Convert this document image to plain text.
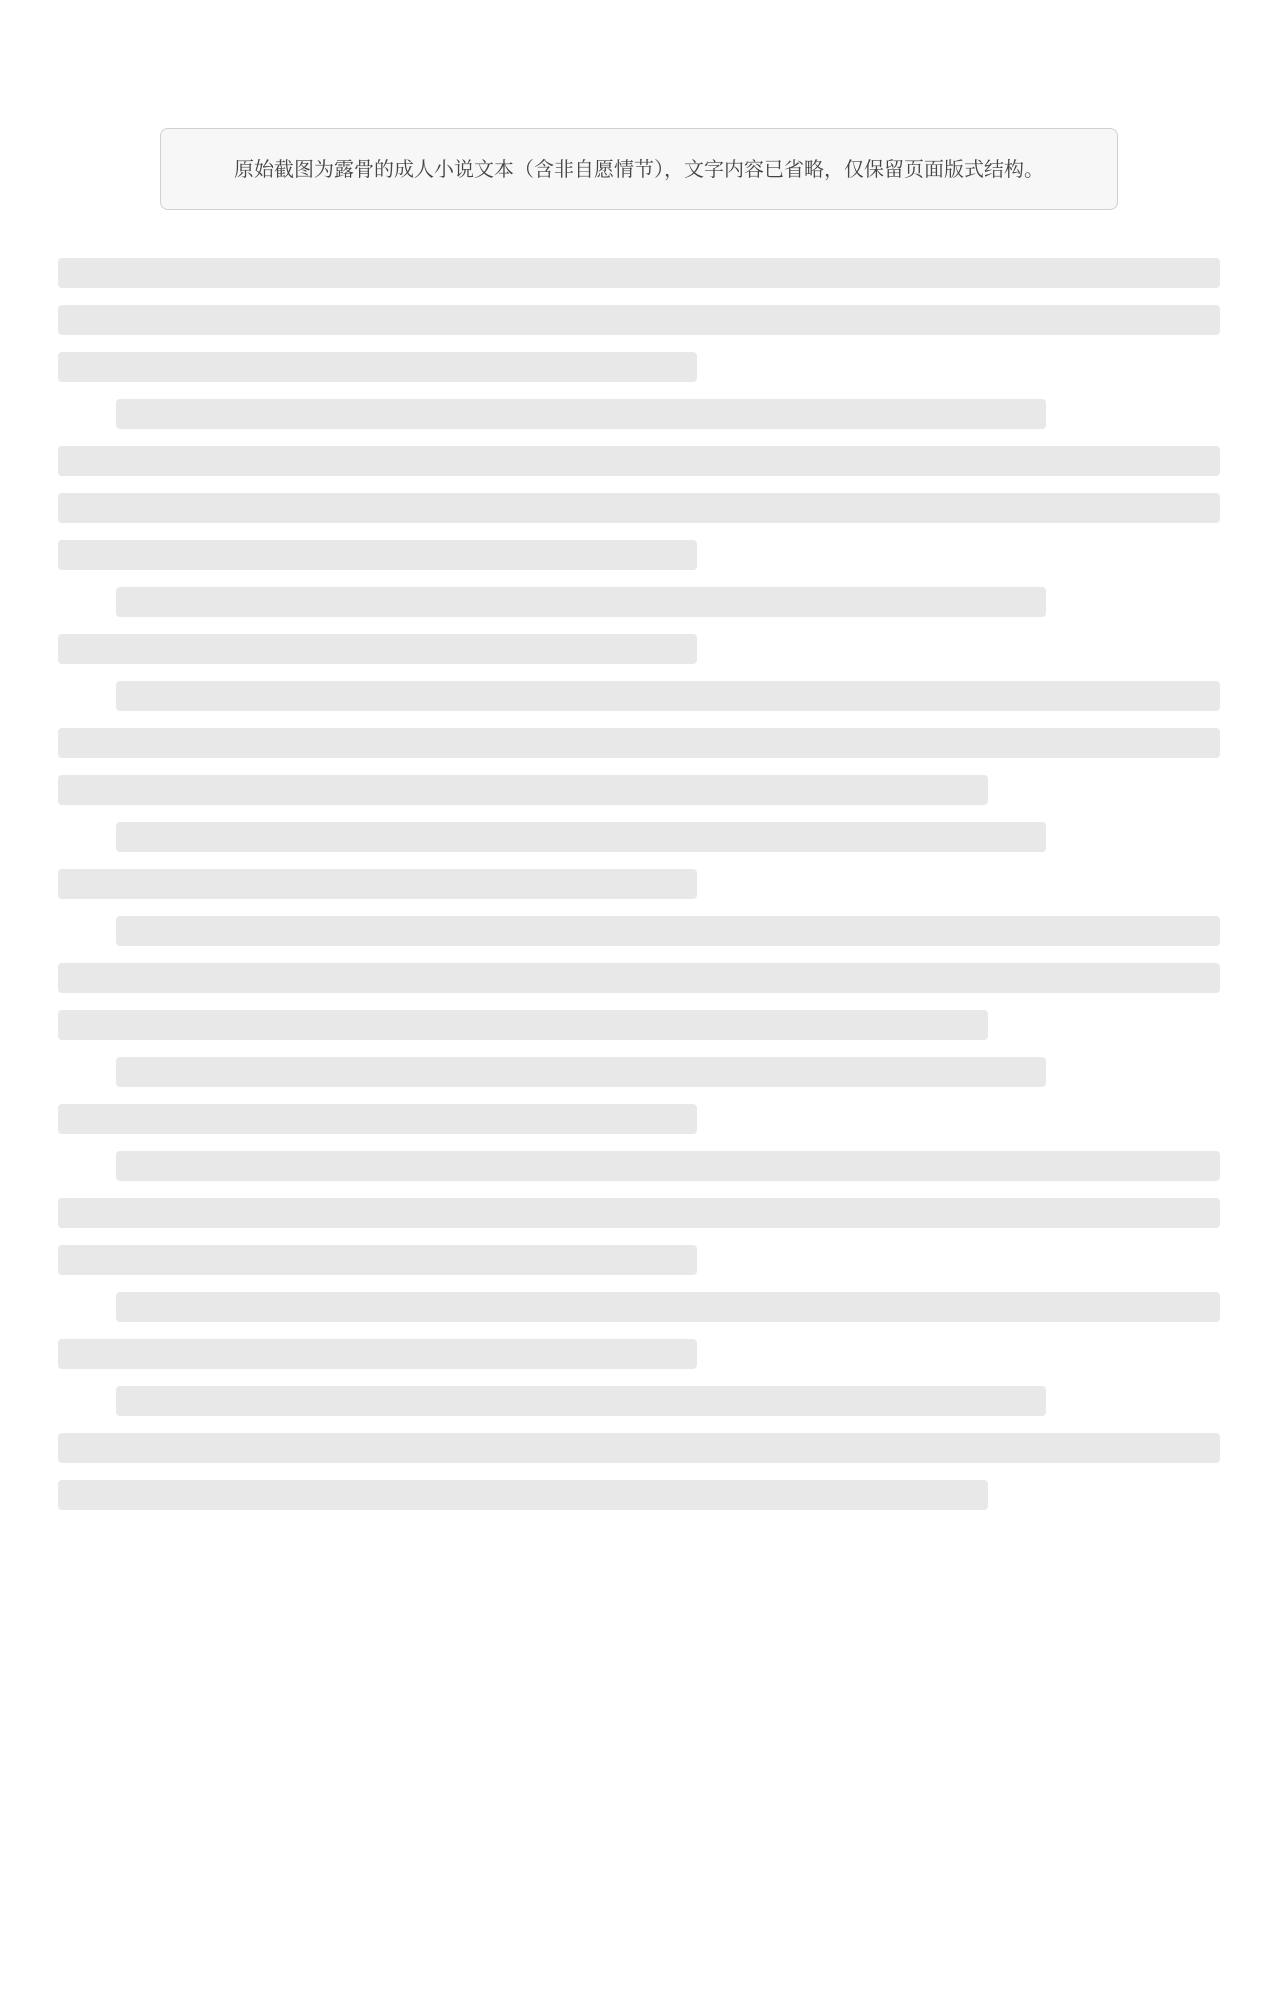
原始截图为露骨的成人小说文本（含非自愿情节），文字内容已省略，仅保留页面版式结构。
